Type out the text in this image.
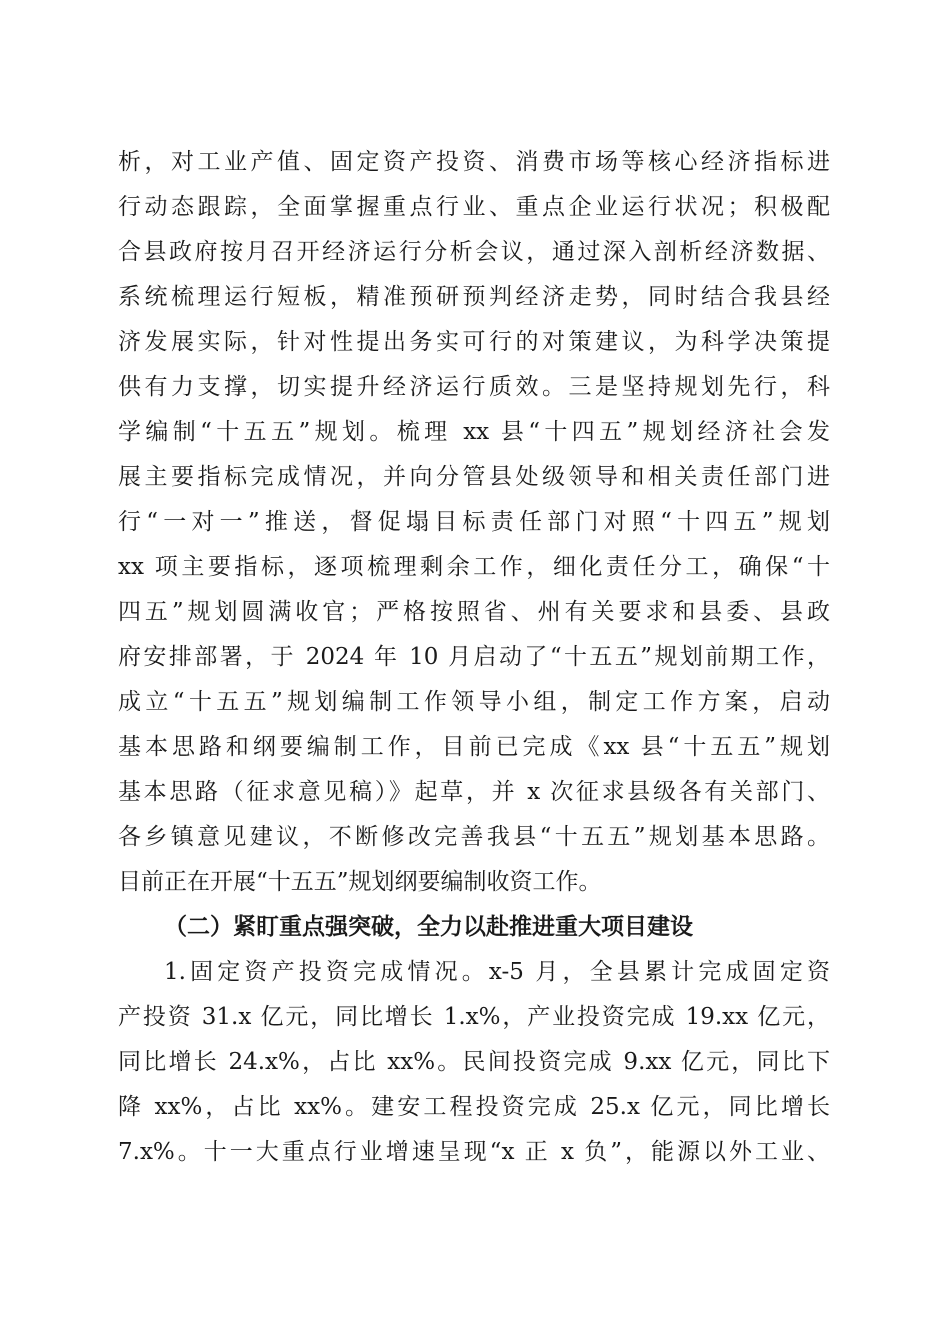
析，对工业产值、固定资产投资、消费市场等核心经济指标进
行动态跟踪，全面掌握重点行业、重点企业运行状况；积极配
合县政府按月召开经济运行分析会议，通过深入剖析经济数据、
系统梳理运行短板，精准预研预判经济走势，同时结合我县经
济发展实际，针对性提出务实可行的对策建议，为科学决策提
供有力支撑，切实提升经济运行质效。三是坚持规划先行，科
学编制“十五五”规划。梳理 xx 县“十四五”规划经济社会发
展主要指标完成情况，并向分管县处级领导和相关责任部门进
行“一对一”推送，督促塌目标责任部门对照“十四五”规划
xx 项主要指标，逐项梳理剩余工作，细化责任分工，确保“十
四五”规划圆满收官；严格按照省、州有关要求和县委、县政
府安排部署，于 2024 年 10 月启动了“十五五”规划前期工作，
成立“十五五”规划编制工作领导小组，制定工作方案，启动
基本思路和纲要编制工作，目前已完成《xx 县“十五五”规划
基本思路（征求意见稿）》起草，并 x 次征求县级各有关部门、
各乡镇意见建议，不断修改完善我县“十五五”规划基本思路。
目前正在开展“十五五”规划纲要编制收资工作。
（二）紧盯重点强突破，全力以赴推进重大项目建设
1.固定资产投资完成情况。x-5 月，全县累计完成固定资
产投资 31.x 亿元，同比增长 1.x%，产业投资完成 19.xx 亿元，
同比增长 24.x%，占比 xx%。民间投资完成 9.xx 亿元，同比下
降 xx%，占比 xx%。建安工程投资完成 25.x 亿元，同比增长
7.x%。十一大重点行业增速呈现“x 正 x 负”，能源以外工业、
